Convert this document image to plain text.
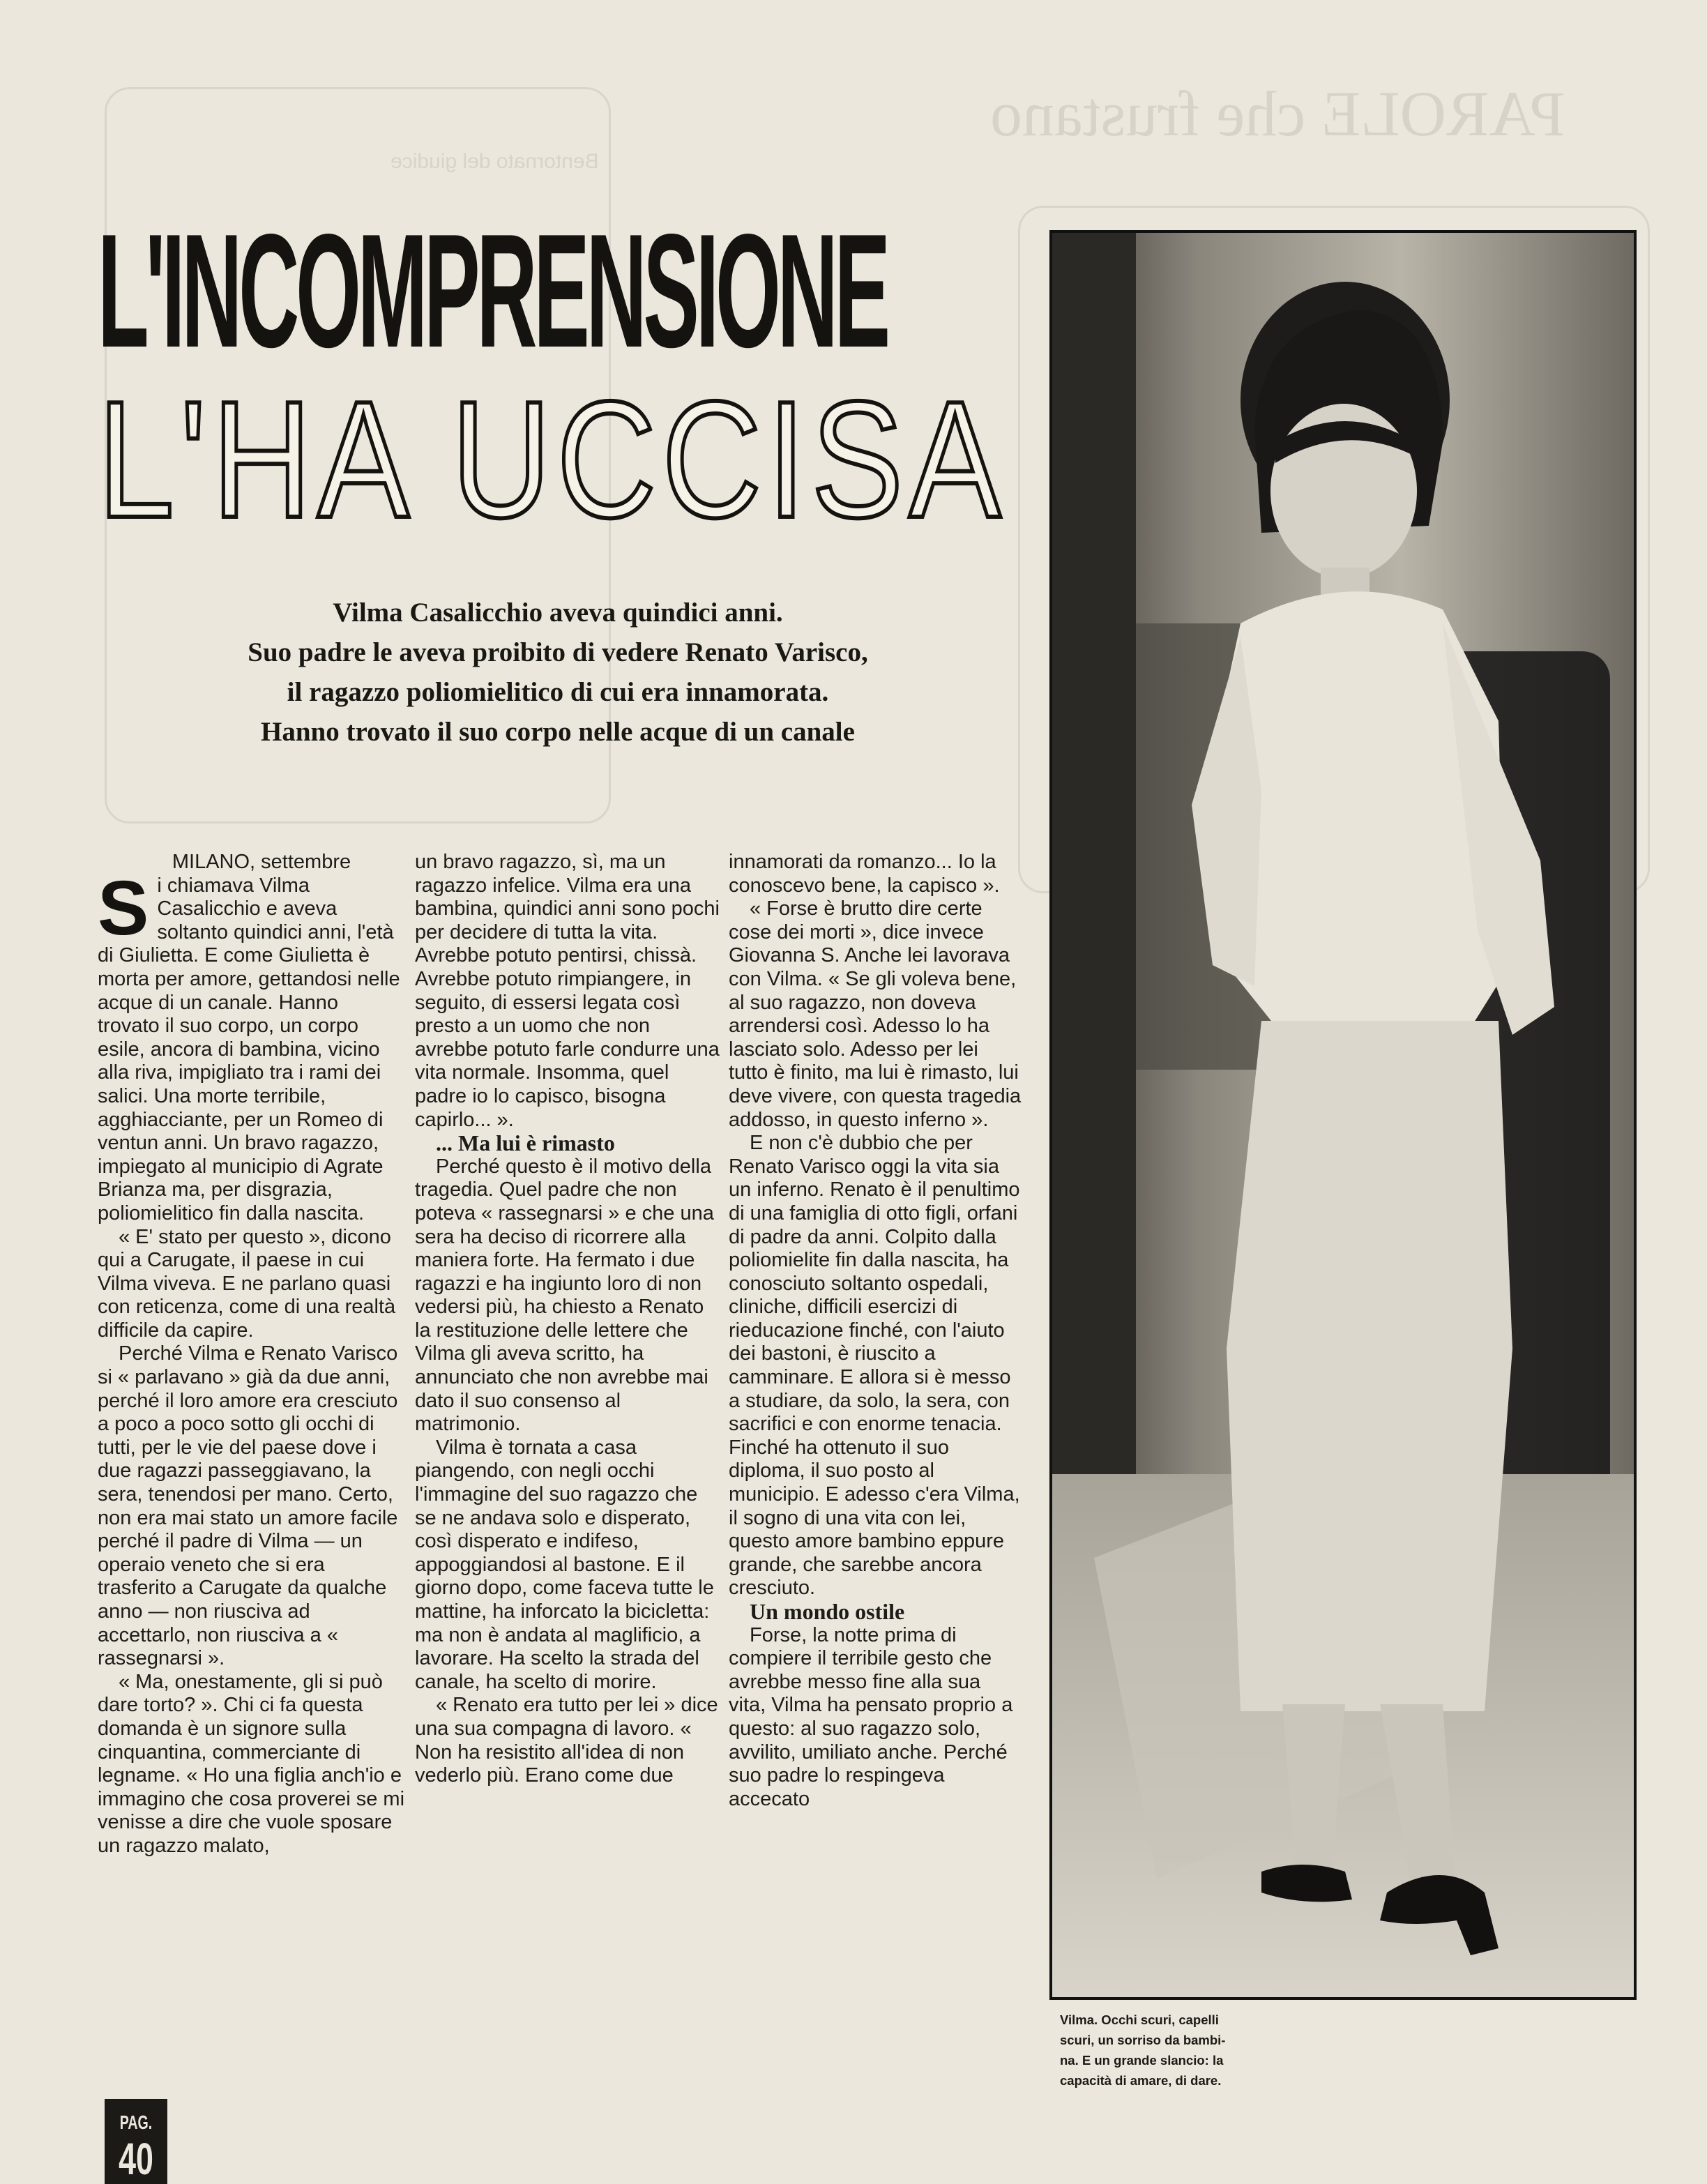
PAROLE che frustano
Bentornato del giudice
L'INCOMPRENSIONE
L'HA UCCISA
Vilma Casalicchio aveva quindici anni.
Suo padre le aveva proibito di vedere Renato Varisco,
il ragazzo poliomielitico di cui era innamorata.
Hanno trovato il suo corpo nelle acque di un canale

MILANO, settembre

Si chiamava Vilma Casalicchio e aveva soltanto quindici anni, l'età di Giulietta. E come Giulietta è morta per amore, gettandosi nelle acque di un canale. Hanno trovato il suo corpo, un corpo esile, ancora di bambina, vicino alla riva, impigliato tra i rami dei salici. Una morte terribile, agghiacciante, per un Romeo di ventun anni. Un bravo ragazzo, impiegato al municipio di Agrate Brianza ma, per disgrazia, poliomielitico fin dalla nascita.

« E' stato per questo », dicono qui a Carugate, il paese in cui Vilma viveva. E ne parlano quasi con reticenza, come di una realtà difficile da capire.

Perché Vilma e Renato Varisco si « parlavano » già da due anni, perché il loro amore era cresciuto a poco a poco sotto gli occhi di tutti, per le vie del paese dove i due ragazzi passeggiavano, la sera, tenendosi per mano. Certo, non era mai stato un amore facile perché il padre di Vilma — un operaio veneto che si era trasferito a Carugate da qualche anno — non riusciva ad accettarlo, non riusciva a « rassegnarsi ».

« Ma, onestamente, gli si può dare torto? ». Chi ci fa questa domanda è un signore sulla cinquantina, commerciante di legname. « Ho una figlia anch'io e immagino che cosa proverei se mi venisse a dire che vuole sposare un ragazzo malato,

un bravo ragazzo, sì, ma un ragazzo infelice. Vilma era una bambina, quindici anni sono pochi per decidere di tutta la vita. Avrebbe potuto pentirsi, chissà. Avrebbe potuto rimpiangere, in seguito, di essersi legata così presto a un uomo che non avrebbe potuto farle condurre una vita normale. Insomma, quel padre io lo capisco, bisogna capirlo... ».

... Ma lui è rimasto

Perché questo è il motivo della tragedia. Quel padre che non poteva « rassegnarsi » e che una sera ha deciso di ricorrere alla maniera forte. Ha fermato i due ragazzi e ha ingiunto loro di non vedersi più, ha chiesto a Renato la restituzione delle lettere che Vilma gli aveva scritto, ha annunciato che non avrebbe mai dato il suo consenso al matrimonio.

Vilma è tornata a casa piangendo, con negli occhi l'immagine del suo ragazzo che se ne andava solo e disperato, così disperato e indifeso, appoggiandosi al bastone. E il giorno dopo, come faceva tutte le mattine, ha inforcato la bicicletta: ma non è andata al maglificio, a lavorare. Ha scelto la strada del canale, ha scelto di morire.

« Renato era tutto per lei » dice una sua compagna di lavoro. « Non ha resistito all'idea di non vederlo più. Erano come due

innamorati da romanzo... Io la conoscevo bene, la capisco ».

« Forse è brutto dire certe cose dei morti », dice invece Giovanna S. Anche lei lavorava con Vilma. « Se gli voleva bene, al suo ragazzo, non doveva arrendersi così. Adesso lo ha lasciato solo. Adesso per lei tutto è finito, ma lui è rimasto, lui deve vivere, con questa tragedia addosso, in questo inferno ».

E non c'è dubbio che per Renato Varisco oggi la vita sia un inferno. Renato è il penultimo di una famiglia di otto figli, orfani di padre da anni. Colpito dalla poliomielite fin dalla nascita, ha conosciuto soltanto ospedali, cliniche, difficili esercizi di rieducazione finché, con l'aiuto dei bastoni, è riuscito a camminare. E allora si è messo a studiare, da solo, la sera, con sacrifici e con enorme tenacia. Finché ha ottenuto il suo diploma, il suo posto al municipio. E adesso c'era Vilma, il sogno di una vita con lei, questo amore bambino eppure grande, che sarebbe ancora cresciuto.

Un mondo ostile

Forse, la notte prima di compiere il terribile gesto che avrebbe messo fine alla sua vita, Vilma ha pensato proprio a questo: al suo ragazzo solo, avvilito, umiliato anche. Perché suo padre lo respingeva accecato

Vilma. Occhi scuri, capelli
scuri, un sorriso da bambi-
na. E un grande slancio: la
capacità di amare, di dare.
PAG.
40
